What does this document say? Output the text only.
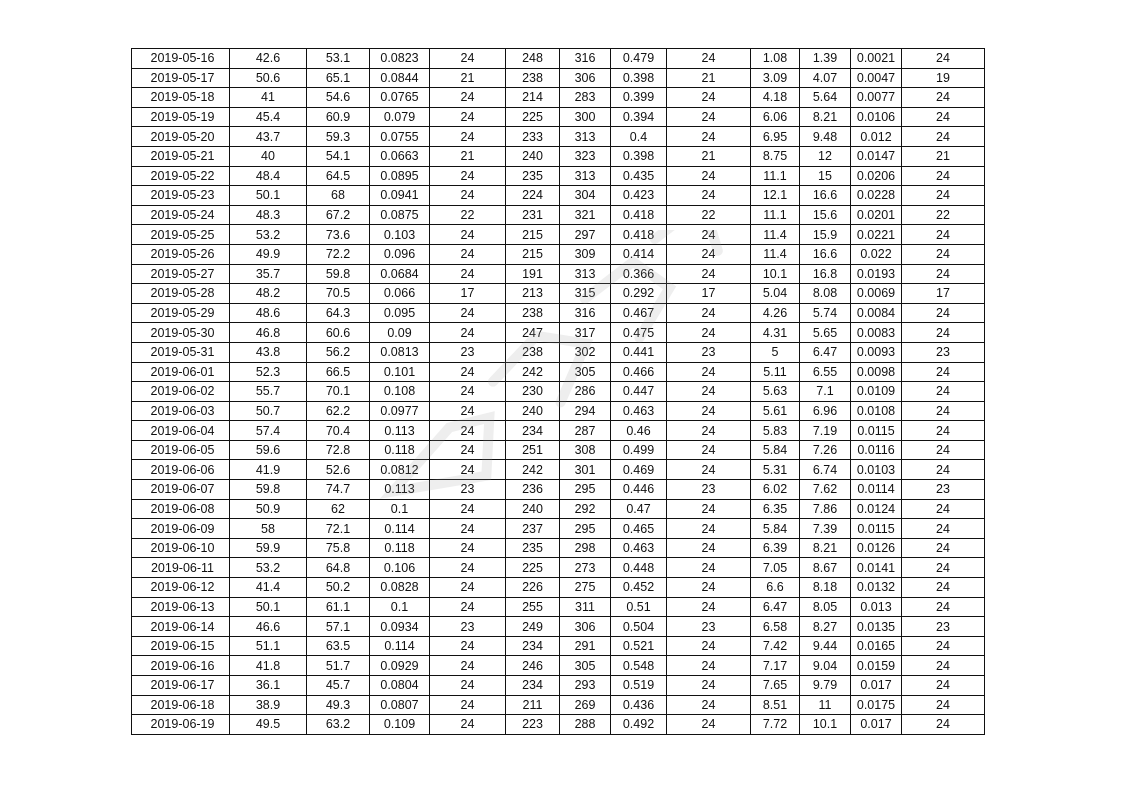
2019-05-16	42.6	53.1	0.0823	24	248	316	0.479	24	1.08	1.39	0.0021	24
2019-05-17	50.6	65.1	0.0844	21	238	306	0.398	21	3.09	4.07	0.0047	19
2019-05-18	41	54.6	0.0765	24	214	283	0.399	24	4.18	5.64	0.0077	24
2019-05-19	45.4	60.9	0.079	24	225	300	0.394	24	6.06	8.21	0.0106	24
2019-05-20	43.7	59.3	0.0755	24	233	313	0.4	24	6.95	9.48	0.012	24
2019-05-21	40	54.1	0.0663	21	240	323	0.398	21	8.75	12	0.0147	21
2019-05-22	48.4	64.5	0.0895	24	235	313	0.435	24	11.1	15	0.0206	24
2019-05-23	50.1	68	0.0941	24	224	304	0.423	24	12.1	16.6	0.0228	24
2019-05-24	48.3	67.2	0.0875	22	231	321	0.418	22	11.1	15.6	0.0201	22
2019-05-25	53.2	73.6	0.103	24	215	297	0.418	24	11.4	15.9	0.0221	24
2019-05-26	49.9	72.2	0.096	24	215	309	0.414	24	11.4	16.6	0.022	24
2019-05-27	35.7	59.8	0.0684	24	191	313	0.366	24	10.1	16.8	0.0193	24
2019-05-28	48.2	70.5	0.066	17	213	315	0.292	17	5.04	8.08	0.0069	17
2019-05-29	48.6	64.3	0.095	24	238	316	0.467	24	4.26	5.74	0.0084	24
2019-05-30	46.8	60.6	0.09	24	247	317	0.475	24	4.31	5.65	0.0083	24
2019-05-31	43.8	56.2	0.0813	23	238	302	0.441	23	5	6.47	0.0093	23
2019-06-01	52.3	66.5	0.101	24	242	305	0.466	24	5.11	6.55	0.0098	24
2019-06-02	55.7	70.1	0.108	24	230	286	0.447	24	5.63	7.1	0.0109	24
2019-06-03	50.7	62.2	0.0977	24	240	294	0.463	24	5.61	6.96	0.0108	24
2019-06-04	57.4	70.4	0.113	24	234	287	0.46	24	5.83	7.19	0.0115	24
2019-06-05	59.6	72.8	0.118	24	251	308	0.499	24	5.84	7.26	0.0116	24
2019-06-06	41.9	52.6	0.0812	24	242	301	0.469	24	5.31	6.74	0.0103	24
2019-06-07	59.8	74.7	0.113	23	236	295	0.446	23	6.02	7.62	0.0114	23
2019-06-08	50.9	62	0.1	24	240	292	0.47	24	6.35	7.86	0.0124	24
2019-06-09	58	72.1	0.114	24	237	295	0.465	24	5.84	7.39	0.0115	24
2019-06-10	59.9	75.8	0.118	24	235	298	0.463	24	6.39	8.21	0.0126	24
2019-06-11	53.2	64.8	0.106	24	225	273	0.448	24	7.05	8.67	0.0141	24
2019-06-12	41.4	50.2	0.0828	24	226	275	0.452	24	6.6	8.18	0.0132	24
2019-06-13	50.1	61.1	0.1	24	255	311	0.51	24	6.47	8.05	0.013	24
2019-06-14	46.6	57.1	0.0934	23	249	306	0.504	23	6.58	8.27	0.0135	23
2019-06-15	51.1	63.5	0.114	24	234	291	0.521	24	7.42	9.44	0.0165	24
2019-06-16	41.8	51.7	0.0929	24	246	305	0.548	24	7.17	9.04	0.0159	24
2019-06-17	36.1	45.7	0.0804	24	234	293	0.519	24	7.65	9.79	0.017	24
2019-06-18	38.9	49.3	0.0807	24	211	269	0.436	24	8.51	11	0.0175	24
2019-06-19	49.5	63.2	0.109	24	223	288	0.492	24	7.72	10.1	0.017	24
